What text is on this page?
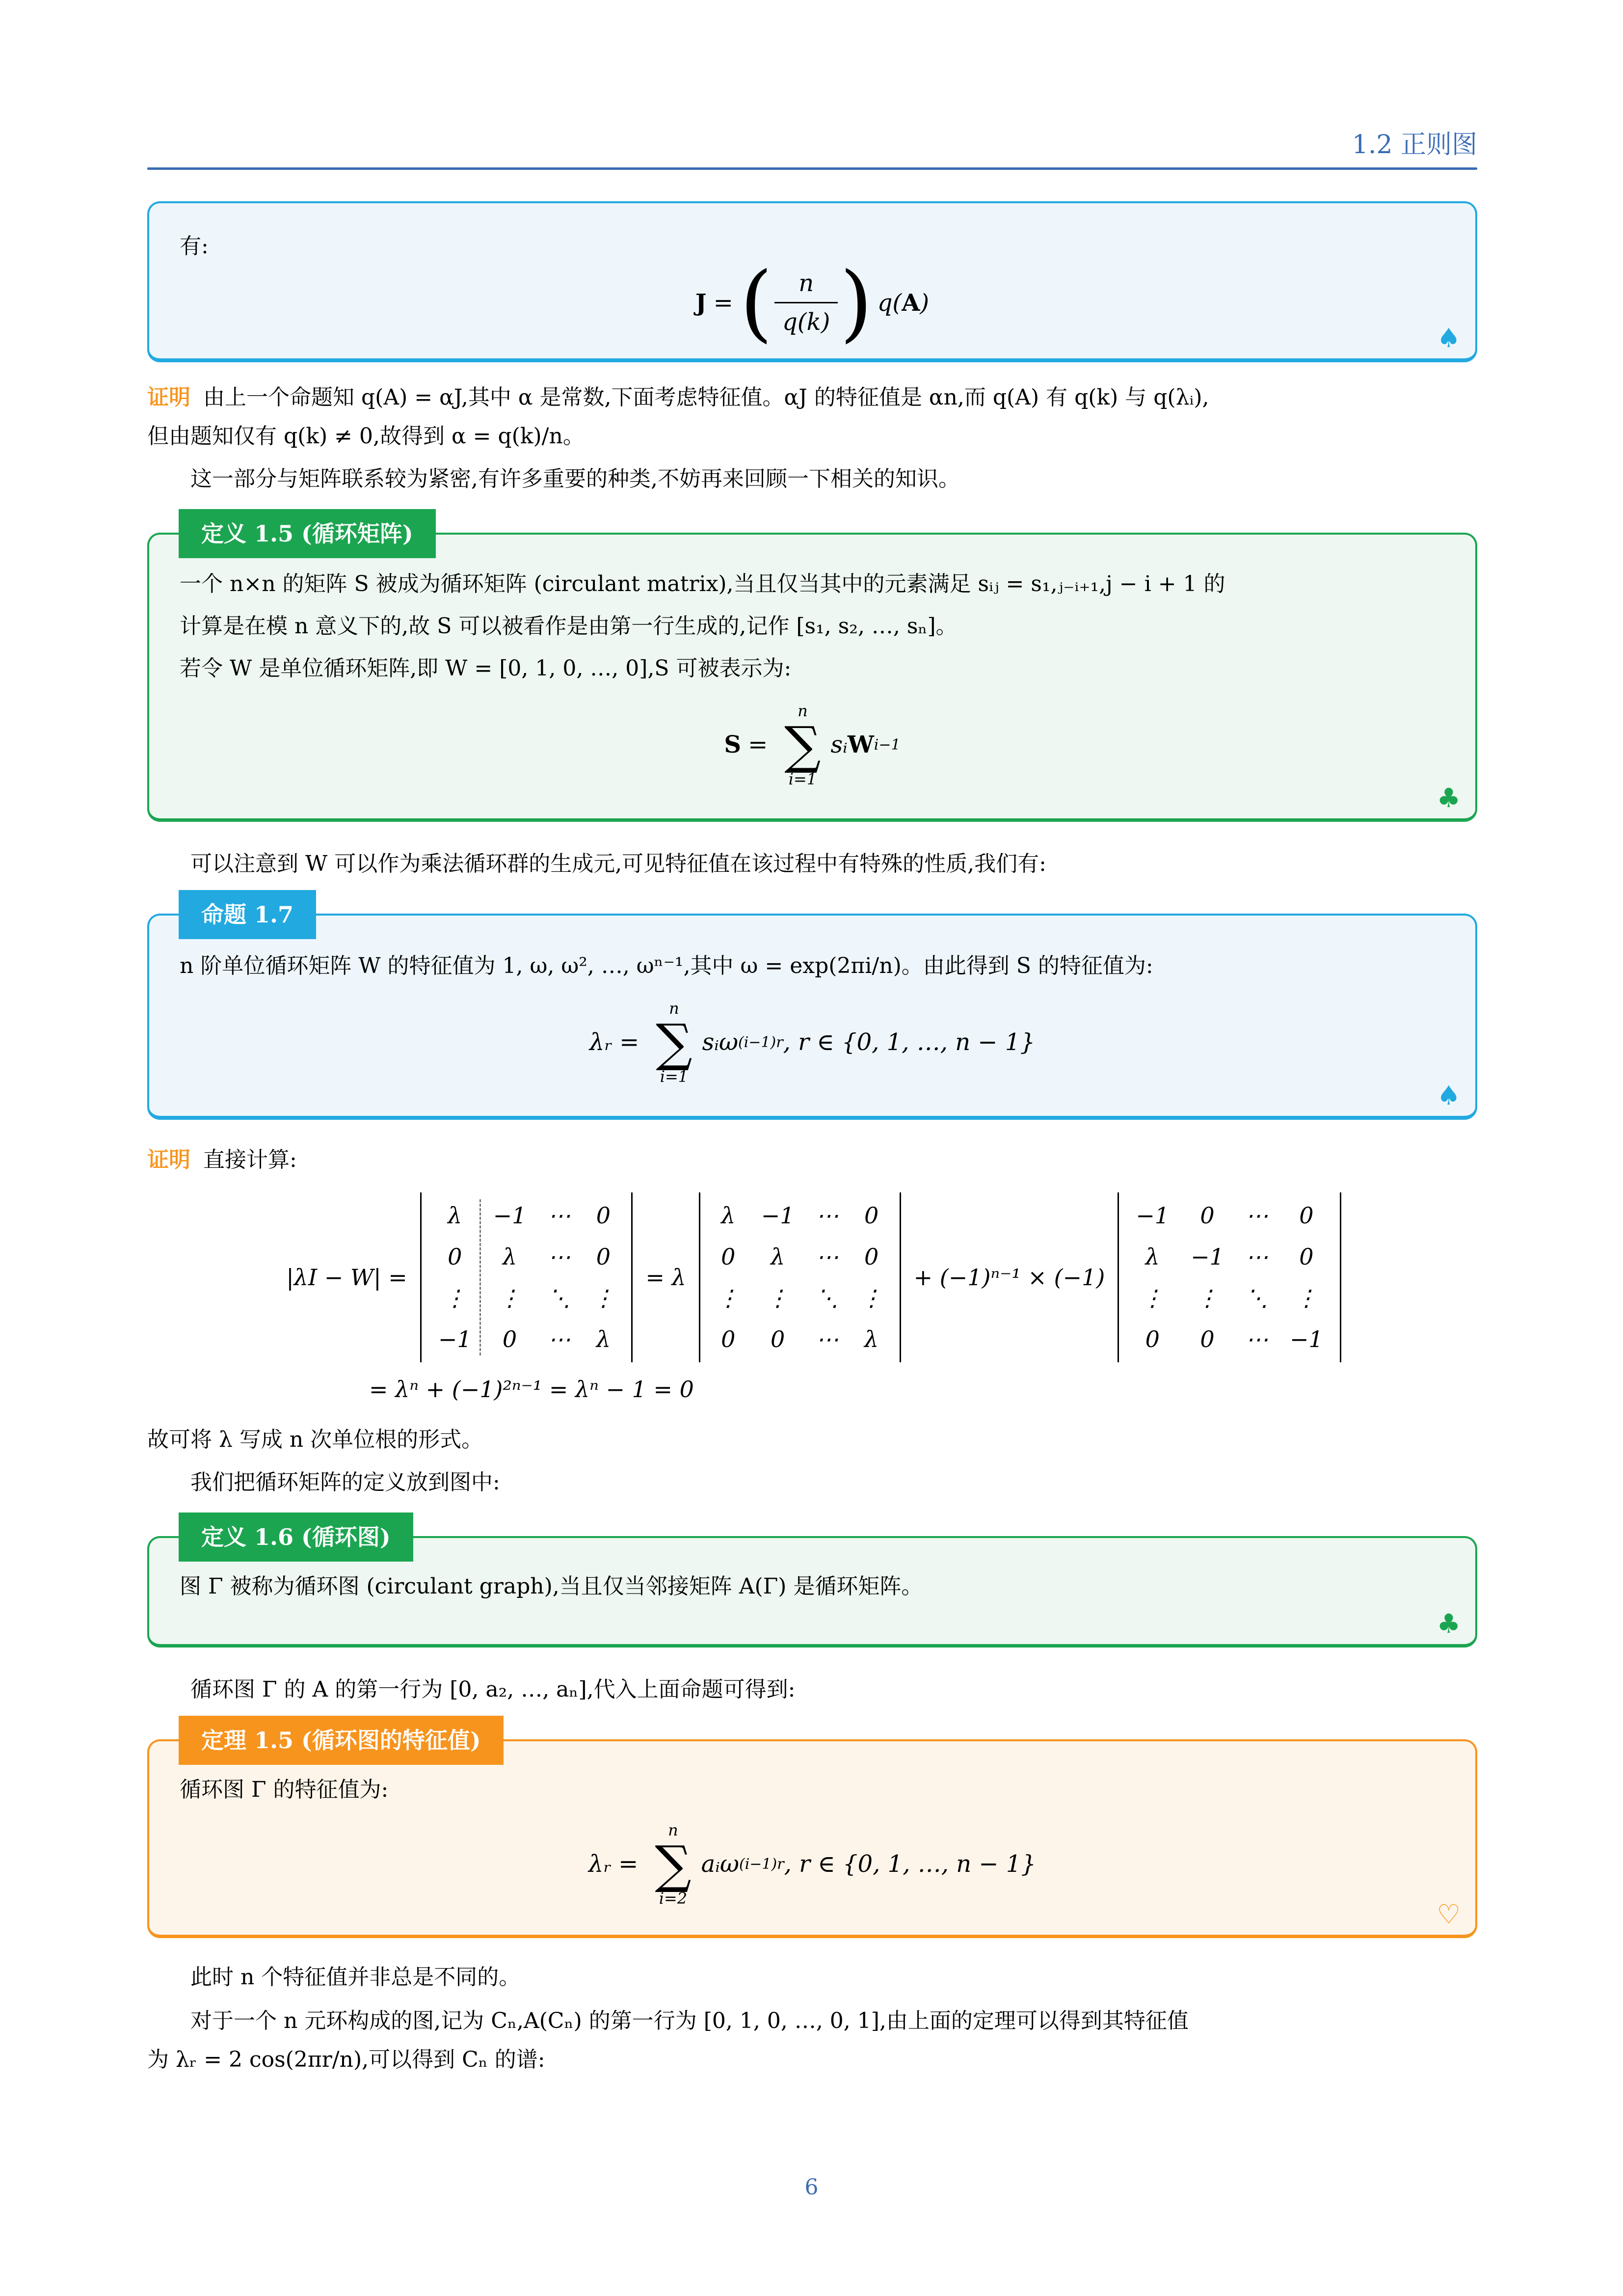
1.2 正则图

有:

J = ( $\frac{n}{q(k)}$ ) q( A )
♠

证明 由上一个命题知 q(A) = αJ,其中 α 是常数,下面考虑特征值。αJ 的特征值是 αn,而 q(A) 有 q(k) 与 q(λᵢ),

但由题知仅有 q(k) ≠ 0,故得到 α = q(k)/n。

这一部分与矩阵联系较为紧密,有许多重要的种类,不妨再来回顾一下相关的知识。

定义 1.5 (循环矩阵)

一个 n×n 的矩阵 S 被成为循环矩阵 (circulant matrix),当且仅当其中的元素满足 sᵢⱼ = s₁,ⱼ₋ᵢ₊₁,j − i + 1 的

计算是在模 n 意义下的,故 S 可以被看作是由第一行生成的,记作 [s₁, s₂, …, sₙ]。

若令 W 是单位循环矩阵,即 W = [0, 1, 0, …, 0],S 可被表示为:

S =
n
∑
i=1
sᵢ W i−1
♣

可以注意到 W 可以作为乘法循环群的生成元,可见特征值在该过程中有特殊的性质,我们有:

命题 1.7

n 阶单位循环矩阵 W 的特征值为 1, ω, ω², …, ωⁿ⁻¹,其中 ω = exp(2πi/n)。由此得到 S 的特征值为:

λᵣ =
n
∑
i=1
sᵢω (i−1)r , r ∈ {0, 1, …, n − 1}
♠

证明 直接计算:

|λI − W| =
λ −1 ⋯ 0
0 λ ⋯ 0
⋮ ⋮ ⋱ ⋮
−1 0 ⋯ λ
= λ
λ −1 ⋯ 0
0 λ ⋯ 0
⋮ ⋮ ⋱ ⋮
0 0 ⋯ λ
+ (−1)ⁿ⁻¹ × (−1)
−1 0 ⋯ 0
λ −1 ⋯ 0
⋮ ⋮ ⋱ ⋮
0 0 ⋯ −1
= λⁿ + (−1)²ⁿ⁻¹ = λⁿ − 1 = 0

故可将 λ 写成 n 次单位根的形式。

我们把循环矩阵的定义放到图中:

定义 1.6 (循环图)

图 Γ 被称为循环图 (circulant graph),当且仅当邻接矩阵 A(Γ) 是循环矩阵。

♣

循环图 Γ 的 A 的第一行为 [0, a₂, …, aₙ],代入上面命题可得到:

定理 1.5 (循环图的特征值)

循环图 Γ 的特征值为:

λᵣ =
n
∑
i=2
aᵢω (i−1)r , r ∈ {0, 1, …, n − 1}
♡

此时 n 个特征值并非总是不同的。

对于一个 n 元环构成的图,记为 Cₙ,A(Cₙ) 的第一行为 [0, 1, 0, …, 0, 1],由上面的定理可以得到其特征值

为 λᵣ = 2 cos(2πr/n),可以得到 Cₙ 的谱:

6
